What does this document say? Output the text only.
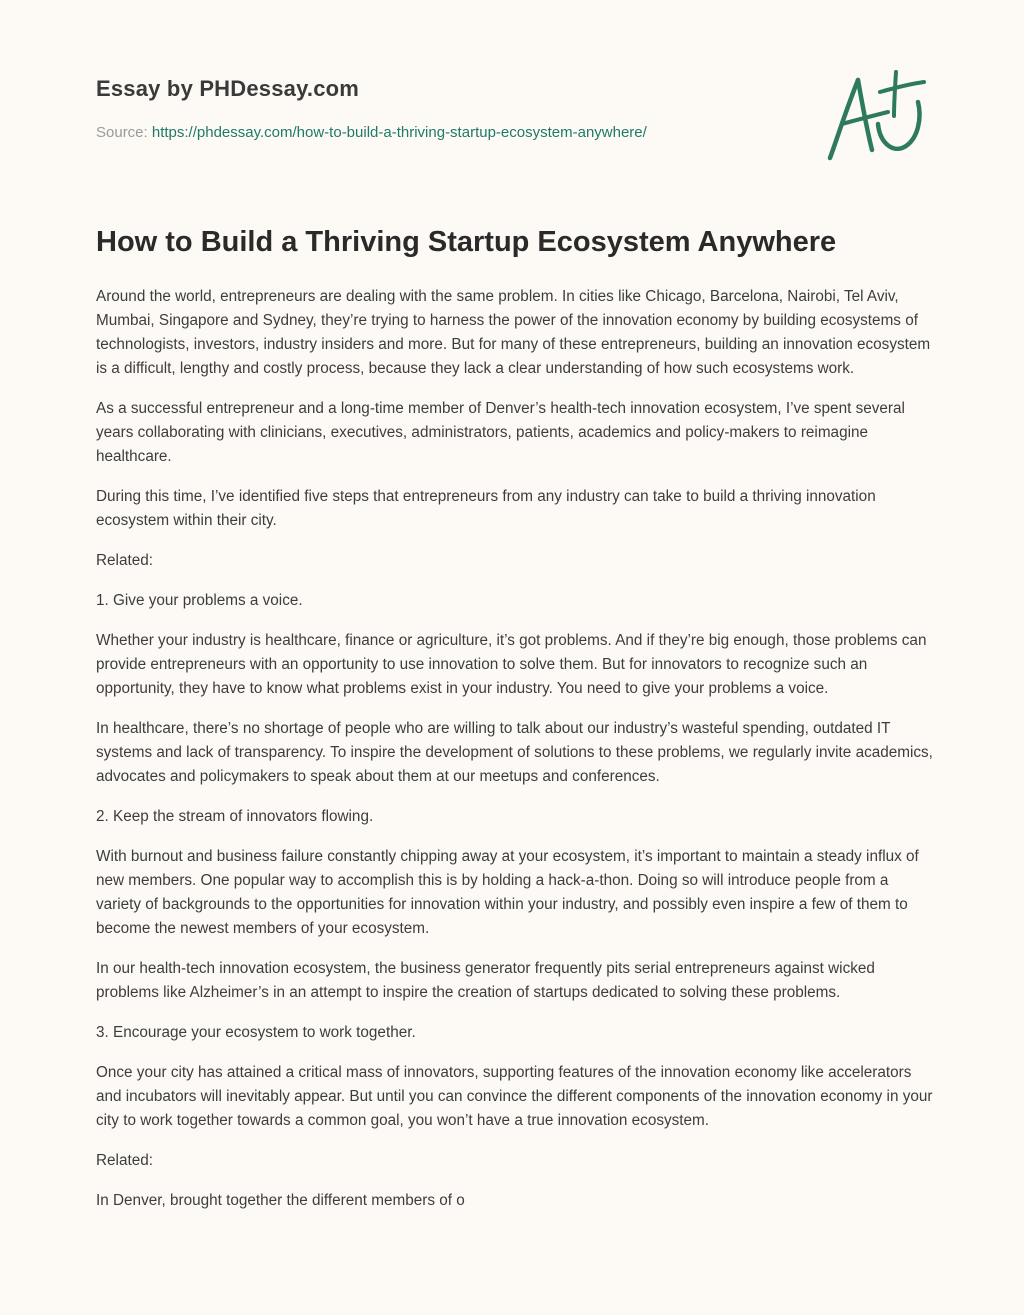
Essay by PHDessay.com
Source: https://phdessay.com/how-to-build-a-thriving-startup-ecosystem-anywhere/
How to Build a Thriving Startup Ecosystem Anywhere

Around the world, entrepreneurs are dealing with the same problem. In cities like Chicago, Barcelona, Nairobi, Tel Aviv, Mumbai, Singapore and Sydney, they’re trying to harness the power of the innovation economy by building ecosystems of technologists, investors, industry insiders and more. But for many of these entrepreneurs, building an innovation ecosystem is a difficult, lengthy and costly process, because they lack a clear understanding of how such ecosystems work.

As a successful entrepreneur and a long-time member of Denver’s health-tech innovation ecosystem, I’ve spent several years collaborating with clinicians, executives, administrators, patients, academics and policy-makers to reimagine healthcare.

During this time, I’ve identified five steps that entrepreneurs from any industry can take to build a thriving innovation ecosystem within their city.

Related:

1. Give your problems a voice.

Whether your industry is healthcare, finance or agriculture, it’s got problems. And if they’re big enough, those problems can provide entrepreneurs with an opportunity to use innovation to solve them. But for innovators to recognize such an opportunity, they have to know what problems exist in your industry. You need to give your problems a voice.

In healthcare, there’s no shortage of people who are willing to talk about our industry’s wasteful spending, outdated IT systems and lack of transparency. To inspire the development of solutions to these problems, we regularly invite academics, advocates and policymakers to speak about them at our meetups and conferences.

2. Keep the stream of innovators flowing.

With burnout and business failure constantly chipping away at your ecosystem, it’s important to maintain a steady influx of new members. One popular way to accomplish this is by holding a hack-a-thon. Doing so will introduce people from a variety of backgrounds to the opportunities for innovation within your industry, and possibly even inspire a few of them to become the newest members of your ecosystem.

In our health-tech innovation ecosystem, the business generator frequently pits serial entrepreneurs against wicked problems like Alzheimer’s in an attempt to inspire the creation of startups dedicated to solving these problems.

3. Encourage your ecosystem to work together.

Once your city has attained a critical mass of innovators, supporting features of the innovation economy like accelerators and incubators will inevitably appear. But until you can convince the different components of the innovation economy in your city to work together towards a common goal, you won’t have a true innovation ecosystem.

Related:

In Denver, brought together the different members of o
